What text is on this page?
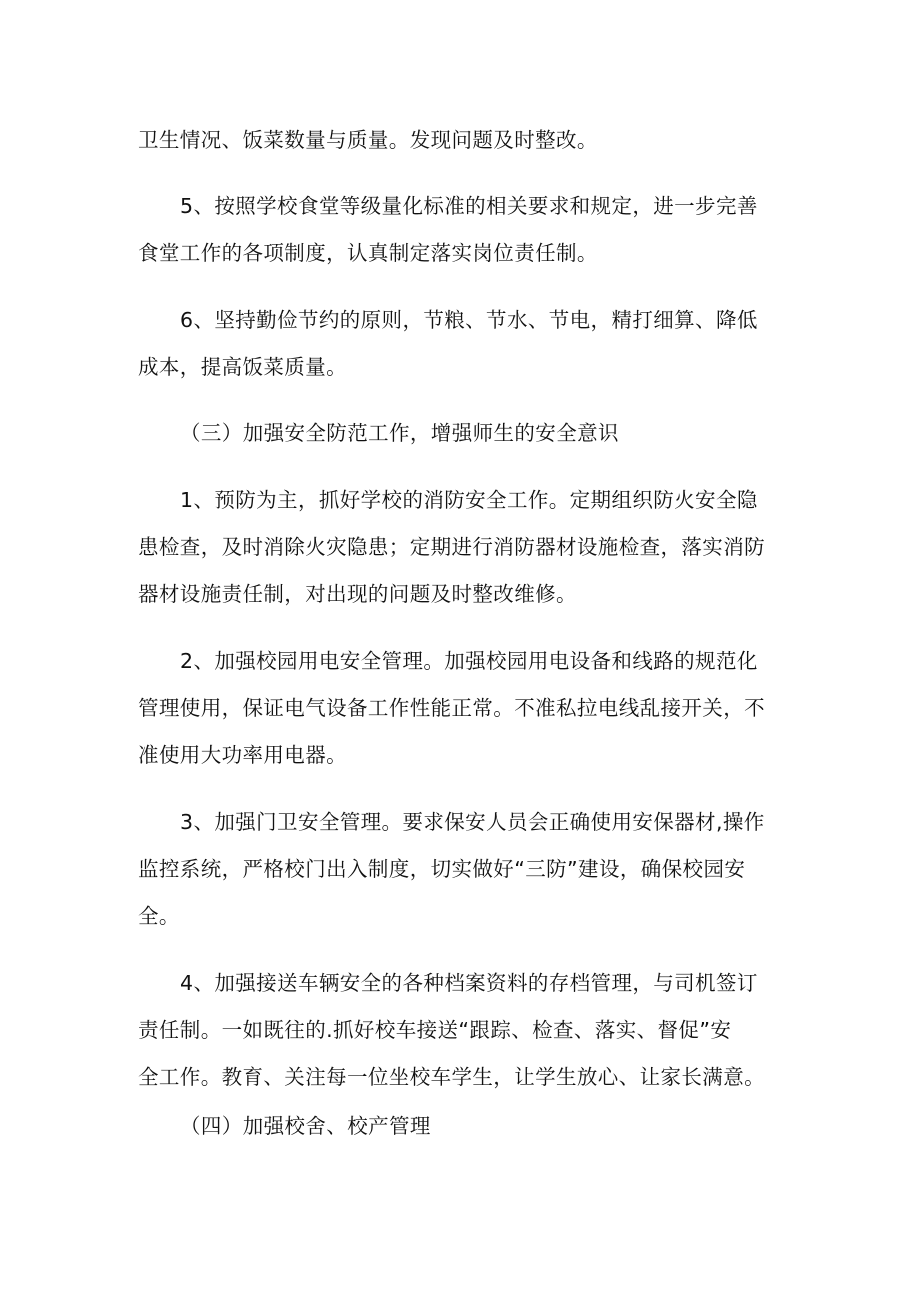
卫生情况、饭菜数量与质量。发现问题及时整改。
5、按照学校食堂等级量化标准的相关要求和规定，进一步完善
食堂工作的各项制度，认真制定落实岗位责任制。
6、坚持勤俭节约的原则，节粮、节水、节电，精打细算、降低
成本，提高饭菜质量。
（三）加强安全防范工作，增强师生的安全意识
1、预防为主，抓好学校的消防安全工作。定期组织防火安全隐
患检查，及时消除火灾隐患；定期进行消防器材设施检查，落实消防
器材设施责任制，对出现的问题及时整改维修。
2、加强校园用电安全管理。加强校园用电设备和线路的规范化
管理使用，保证电气设备工作性能正常。不准私拉电线乱接开关，不
准使用大功率用电器。
3、加强门卫安全管理。要求保安人员会正确使用安保器材,操作
监控系统，严格校门出入制度，切实做好“三防”建设，确保校园安
全。
4、加强接送车辆安全的各种档案资料的存档管理，与司机签订
责任制。一如既往的.抓好校车接送“跟踪、检查、落实、督促”安
全工作。教育、关注每一位坐校车学生，让学生放心、让家长满意。
（四）加强校舍、校产管理
